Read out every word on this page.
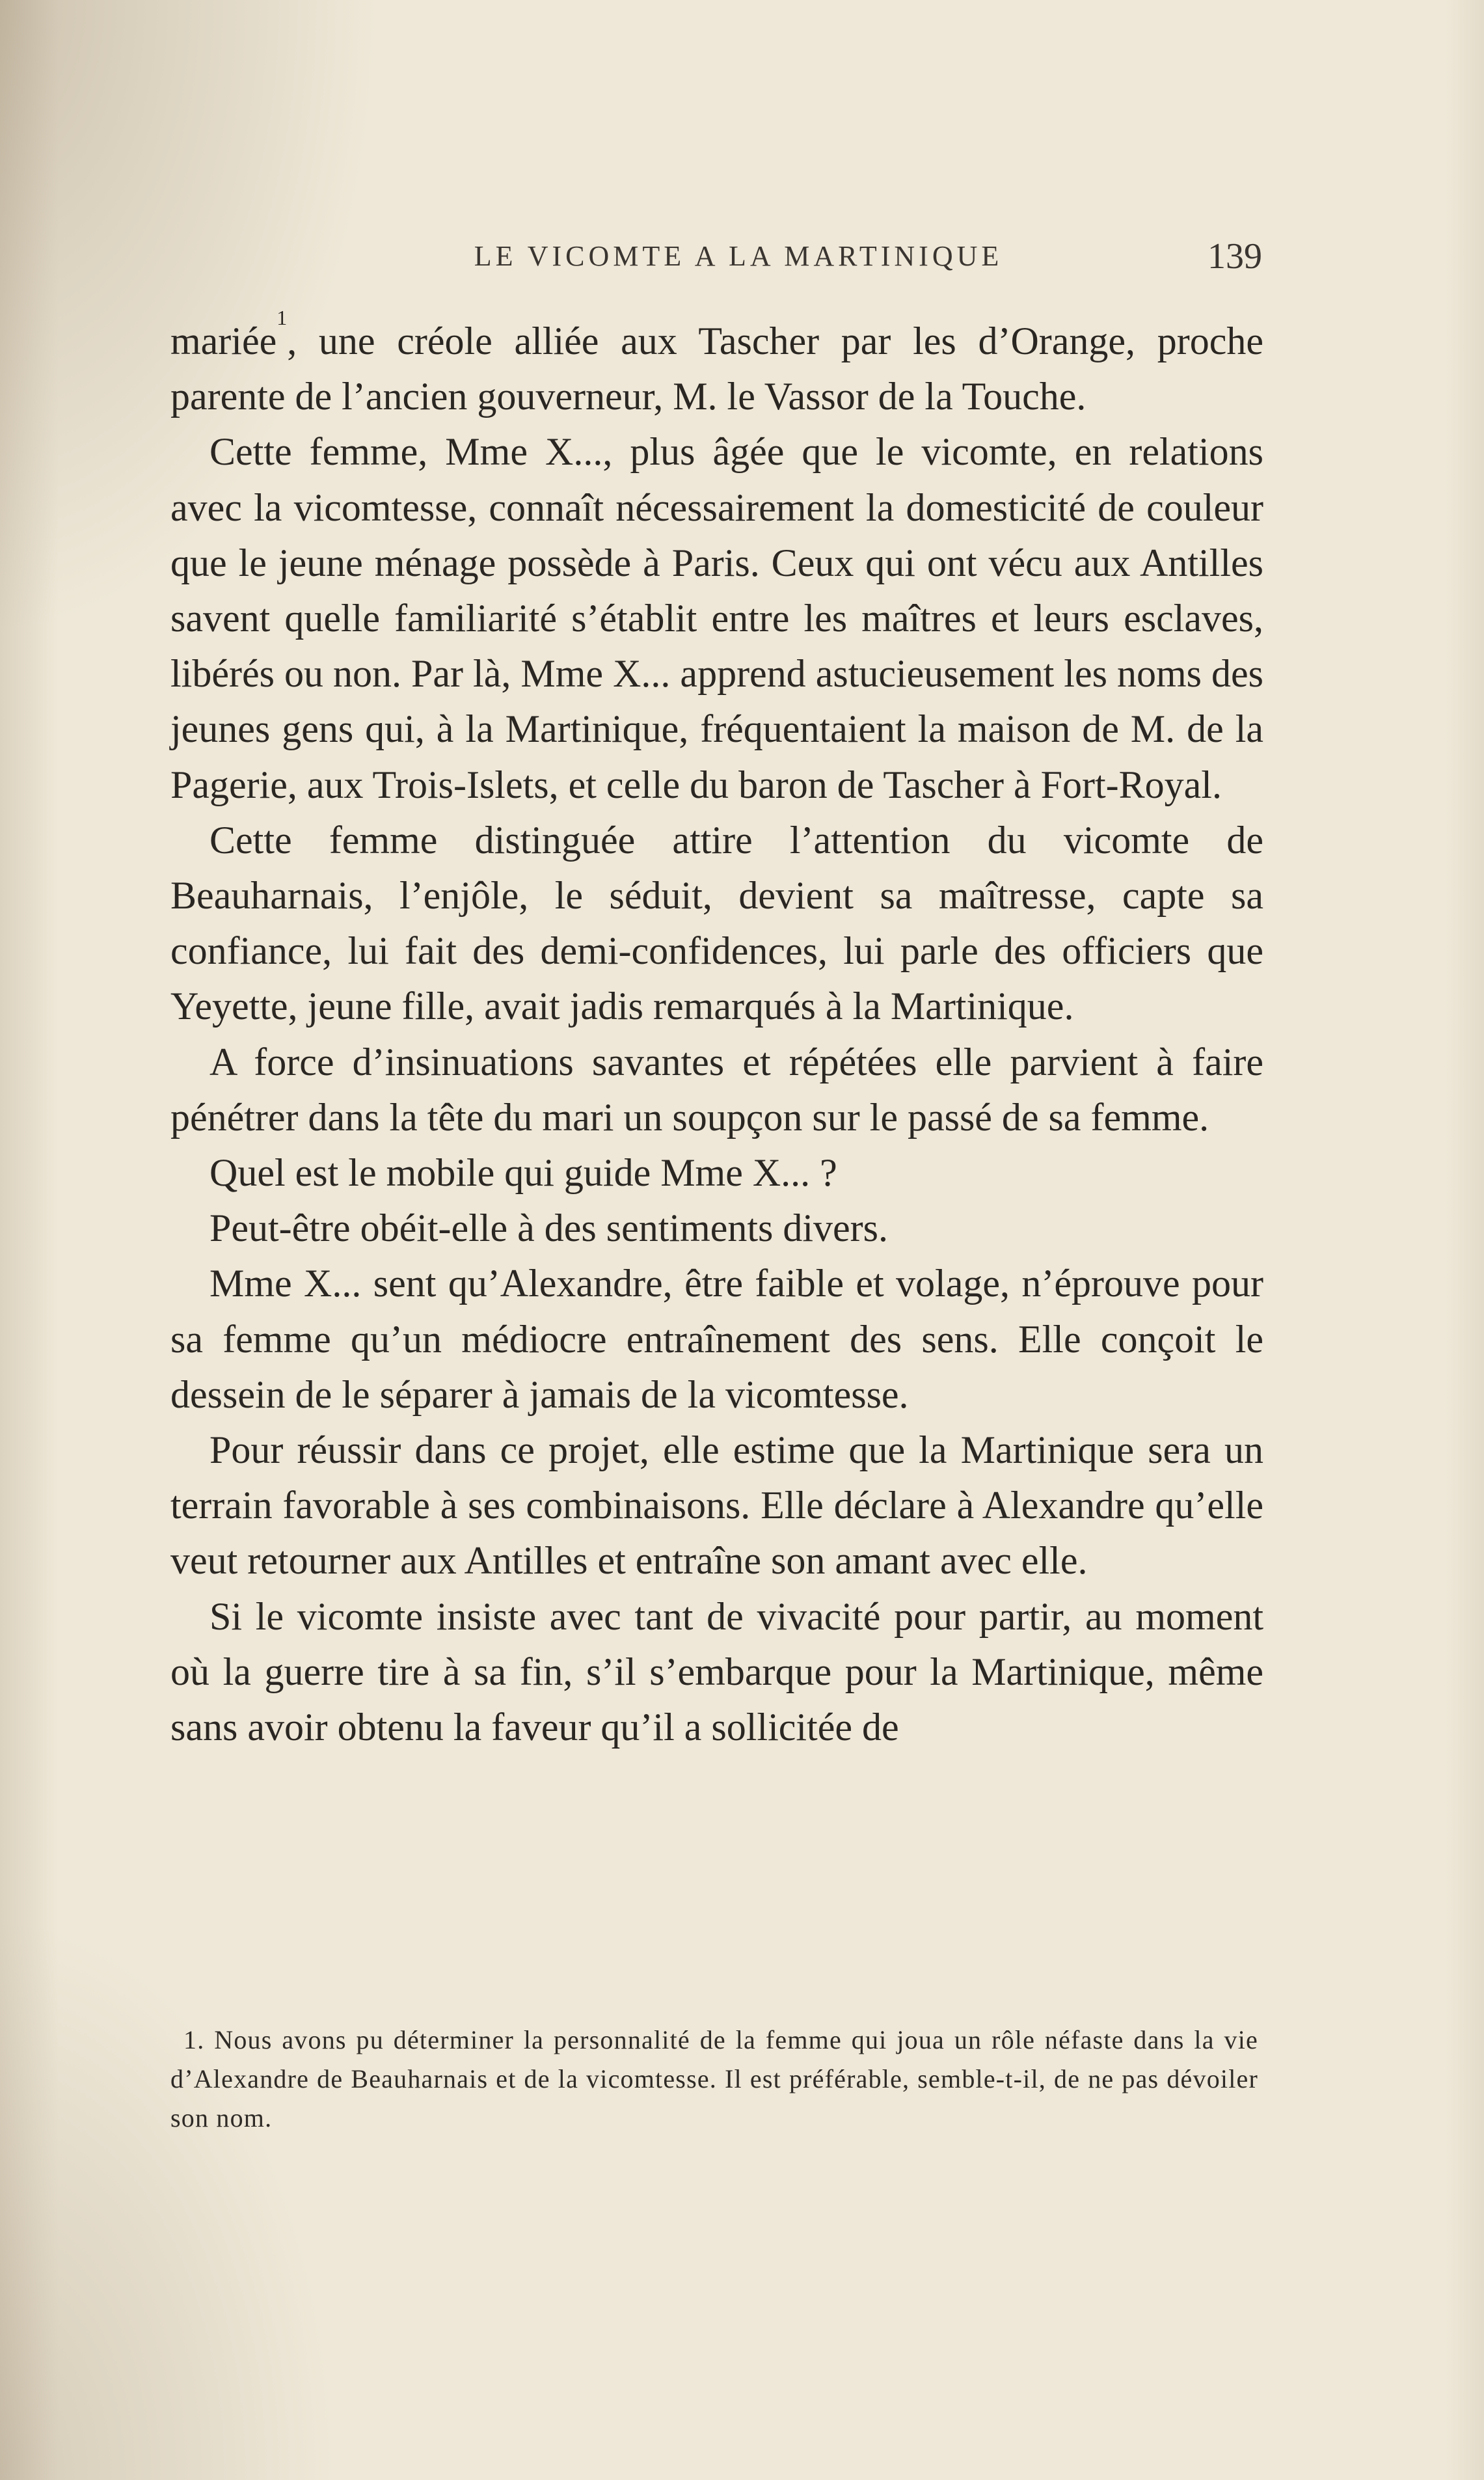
LE VICOMTE A LA MARTINIQUE	139

mariée$^1$, une créole alliée aux Tascher par les d’Orange, proche parente de l’ancien gouverneur, M. le Vassor de la Touche.

Cette femme, Mme X..., plus âgée que le vicomte, en relations avec la vicomtesse, connaît nécessairement la domesticité de couleur que le jeune ménage possède à Paris. Ceux qui ont vécu aux Antilles savent quelle familiarité s’établit entre les maîtres et leurs esclaves, libérés ou non. Par là, Mme X... apprend astucieusement les noms des jeunes gens qui, à la Martinique, fréquentaient la maison de M. de la Pagerie, aux Trois-Islets, et celle du baron de Tascher à Fort-Royal.

Cette femme distinguée attire l’attention du vicomte de Beauharnais, l’enjôle, le séduit, devient sa maîtresse, capte sa confiance, lui fait des demi-confidences, lui parle des officiers que Yeyette, jeune fille, avait jadis remarqués à la Martinique.

A force d’insinuations savantes et répétées elle parvient à faire pénétrer dans la tête du mari un soupçon sur le passé de sa femme.

Quel est le mobile qui guide Mme X... ?

Peut-être obéit-elle à des sentiments divers.

Mme X... sent qu’Alexandre, être faible et volage, n’éprouve pour sa femme qu’un médiocre entraînement des sens. Elle conçoit le dessein de le séparer à jamais de la vicomtesse.

Pour réussir dans ce projet, elle estime que la Martinique sera un terrain favorable à ses combinaisons. Elle déclare à Alexandre qu’elle veut retourner aux Antilles et entraîne son amant avec elle.

Si le vicomte insiste avec tant de vivacité pour partir, au moment où la guerre tire à sa fin, s’il s’embarque pour la Martinique, même sans avoir obtenu la faveur qu’il a sollicitée de

1. Nous avons pu déterminer la personnalité de la femme qui joua un rôle néfaste dans la vie d’Alexandre de Beauharnais et de la vicomtesse. Il est préférable, semble-t-il, de ne pas dévoiler son nom.
